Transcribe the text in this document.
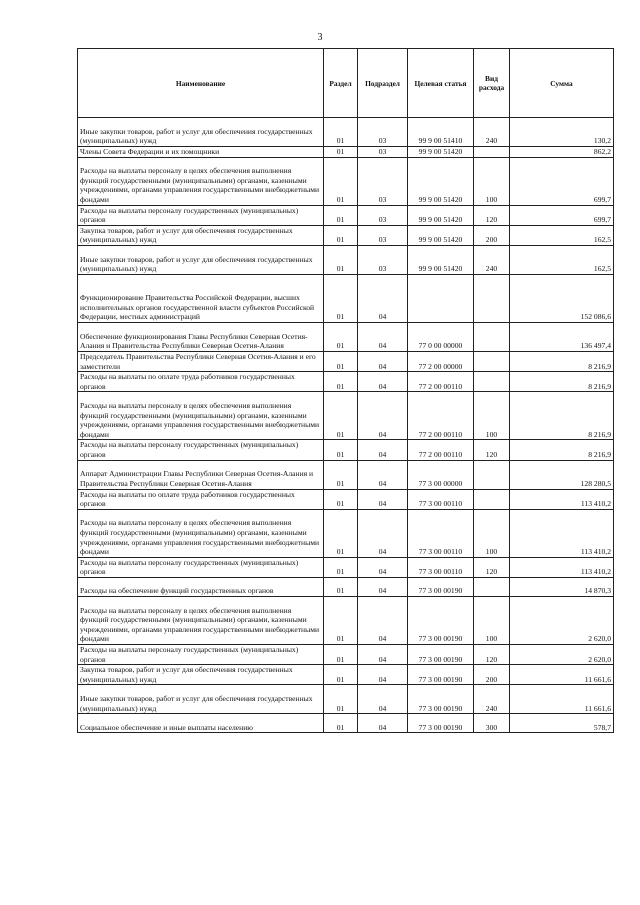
3
Наименование	Раздел	Подраздел	Целевая статья	Вид расхода	Сумма
Иные закупки товаров, работ и услуг для обеспечения государственных (муниципальных) нужд	01	03	99 9 00 51410	240	130,2
Члены Совета Федерации и их помощники	01	03	99 9 00 51420		862,2
Расходы на выплаты персоналу в целях обеспечения выполнения функций государственными (муниципальными) органами, казенными учреждениями, органами управления государственными внебюджетными фондами	01	03	99 9 00 51420	100	699,7
Расходы на выплаты персоналу государственных (муниципальных) органов	01	03	99 9 00 51420	120	699,7
Закупка товаров, работ и услуг для обеспечения государственных (муниципальных) нужд	01	03	99 9 00 51420	200	162,5
Иные закупки товаров, работ и услуг для обеспечения государственных (муниципальных) нужд	01	03	99 9 00 51420	240	162,5
Функционирование Правительства Российской Федерации, высших исполнительных органов государственной власти субъектов Российской Федерации, местных администраций	01	04			152 086,6
Обеспечение функционирования Главы Республики Северная Осетия-Алания и Правительства Республики Северная Осетия-Алания	01	04	77 0 00 00000		136 497,4
Председатель Правительства Республики Северная Осетия-Алания и его заместители	01	04	77 2 00 00000		8 216,9
Расходы на выплаты по оплате труда работников государственных органов	01	04	77 2 00 00110		8 216,9
Расходы на выплаты персоналу в целях обеспечения выполнения функций государственными (муниципальными) органами, казенными учреждениями, органами управления государственными внебюджетными фондами	01	04	77 2 00 00110	100	8 216,9
Расходы на выплаты персоналу государственных (муниципальных) органов	01	04	77 2 00 00110	120	8 216,9
Аппарат Администрации Главы Республики Северная Осетия-Алания и Правительства Республики Северная Осетия-Алания	01	04	77 3 00 00000		128 280,5
Расходы на выплаты по оплате труда работников государственных органов	01	04	77 3 00 00110		113 410,2
Расходы на выплаты персоналу в целях обеспечения выполнения функций государственными (муниципальными) органами, казенными учреждениями, органами управления государственными внебюджетными фондами	01	04	77 3 00 00110	100	113 410,2
Расходы на выплаты персоналу государственных (муниципальных) органов	01	04	77 3 00 00110	120	113 410,2
Расходы на обеспечение функций государственных органов	01	04	77 3 00 00190		14 870,3
Расходы на выплаты персоналу в целях обеспечения выполнения функций государственными (муниципальными) органами, казенными учреждениями, органами управления государственными внебюджетными фондами	01	04	77 3 00 00190	100	2 620,0
Расходы на выплаты персоналу государственных (муниципальных) органов	01	04	77 3 00 00190	120	2 620,0
Закупка товаров, работ и услуг для обеспечения государственных (муниципальных) нужд	01	04	77 3 00 00190	200	11 661,6
Иные закупки товаров, работ и услуг для обеспечения государственных (муниципальных) нужд	01	04	77 3 00 00190	240	11 661,6
Социальное обеспечение и иные выплаты населению	01	04	77 3 00 00190	300	578,7
